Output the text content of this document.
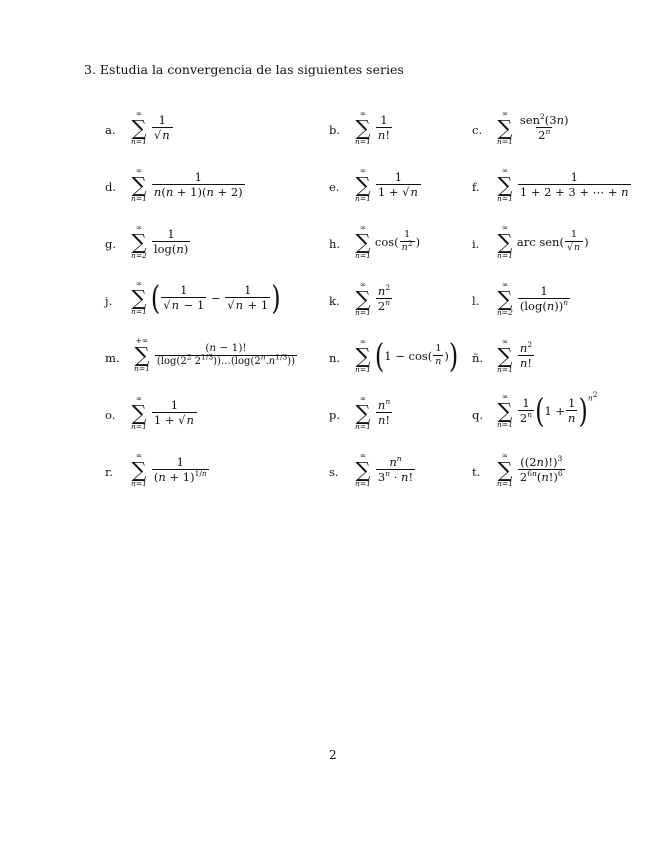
3. Estudia la convergencia de las siguientes series
a.
∞
∑
n=1
$\frac{1}{√n}$	b.
∞
∑
n=1
$\frac{1}{n!}$	c.
∞
∑
n=1
$\frac{sen^2(3n)}{2^n}$
d.
∞
∑
n=1
$\frac{1}{n(n + 1)(n + 2)}$	e.
∞
∑
n=1
$\frac{1}{1 + √n}$	f.
∞
∑
n=1
$\frac{1}{1 + 2 + 3 + \cdots + n}$
g.
∞
∑
n=2
$\frac{1}{\log(n)}$	h.
∞
∑
n=1
$\cos( \frac{1}{n^2}$ )	i.
∞
∑
n=1
arc $sen( \frac{1}{√n}$ )
j.
∞
∑
n=1 ( $\frac{1}{√n - 1} - \frac{1}{√n + 1}$ )	k.
∞
∑
n=1
$\frac{n^2}{2^n}$	l.
∞
∑
n=2
$\frac{1}{(\log(n))^n}$
m.
+∞
∑
n=1
$\frac{(n - 1)!}{(\log(2^2 2^{1/3}))\dots(\log(2^n.n^{1/3}))}$	n.
∞
∑
n=1 ( $1 - \cos( \frac{1}{n}$ ) ) ñ.
∞
∑
n=1
$\frac{n^2}{n!}$
o.
∞
∑
n=1
$\frac{1}{1 + √n}$	p.
∞
∑
n=1
$\frac{n^n}{n!}$	q.
∞
∑
n=1
$\frac{1}{2^n}$ ( $1 + \frac{1}{n}$ ) $^{n^2}$
r.
∞
∑
n=1
$\frac{1}{(n + 1)^{1/n}}$	s.
∞
∑
n=1
$\frac{n^n}{3^n \cdot n!}$	t.
∞
∑
n=1
$\frac{((2n)!)^3}{2^{6n}(n!)^6}$
2
